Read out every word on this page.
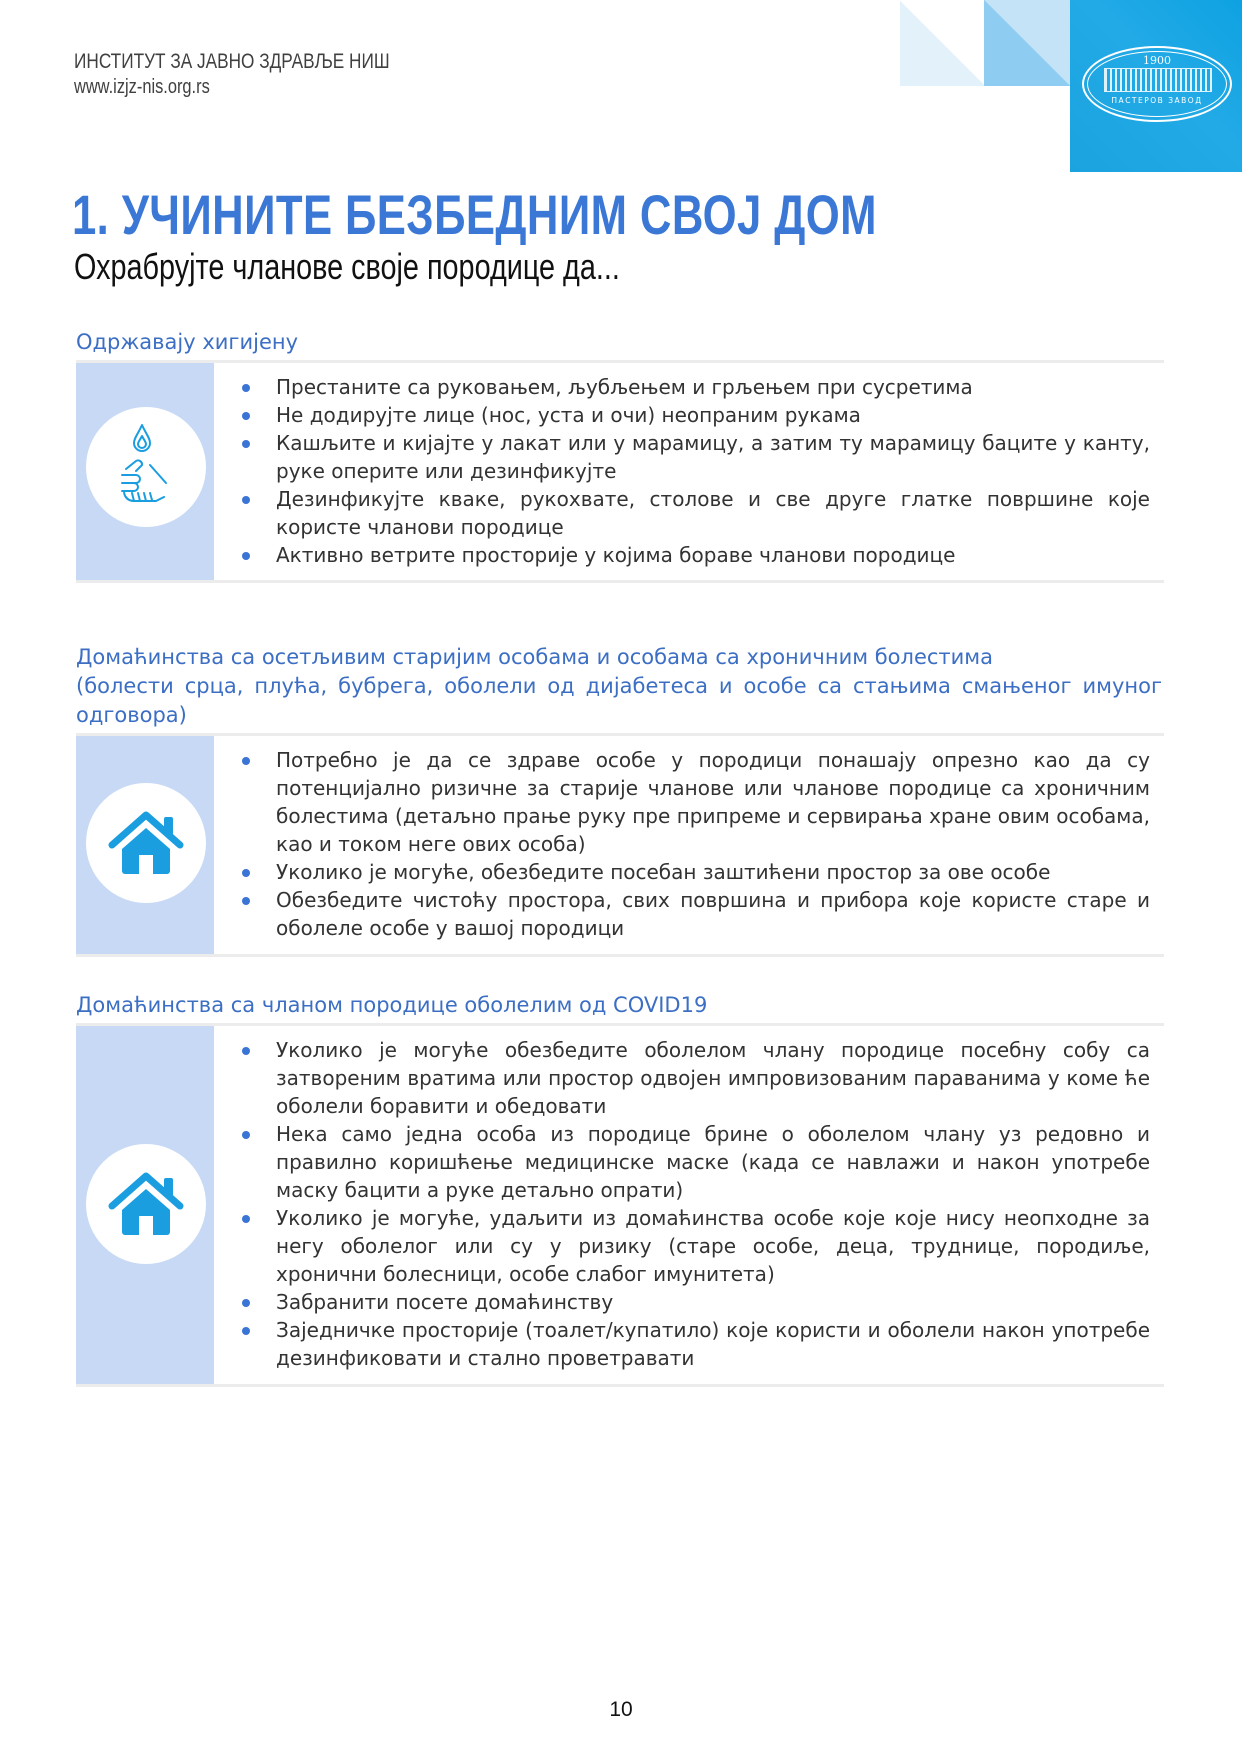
1900
ПАСТЕРОВ ЗАВОД
ИНСТИТУТ ЗА ЈАВНО ЗДРАВЉЕ НИШ
www.izjz-nis.org.rs
1. УЧИНИТЕ БЕЗБЕДНИМ СВОЈ ДОМ
Охрабрујте чланове своје породице да...
Одржавају хигијену
Престаните са руковањем, љубљењем и грљењем при сусретима
Не додирујте лице (нос, уста и очи) неопраним рукама
Кашљите и кијајте у лакат или у марамицу, а затим ту марамицу баците у канту, руке оперите или дезинфикујте
Дезинфикујте кваке, рукохвате, столове и све друге глатке површине које користе чланови породице
Активно ветрите просторије у којима бораве чланови породице
Домаћинства са осетљивим старијим особама и особама са хроничним болестима
(болести срца, плућа, бубрега, оболели од дијабетеса и особе са стањима смањеног имуног одговора)
Потребно је да се здраве особе у породици понашају опрезно као да су потенцијално ризичне за старије чланове или чланове породице са хроничним болестима (детаљно прање руку пре припреме и сервирања хране овим особама, као и током неге ових особа)
Уколико је могуће, обезбедите посебан заштићени простор за ове особе
Обезбедите чистоћу простора, свих површина и прибора које користе старе и оболеле особе у вашој породици
Домаћинства са чланом породице оболелим од COVID19
Уколико је могуће обезбедите оболелом члану породице посебну собу са затвореним вратима или простор одвојен импровизованим параванима у коме ће оболели боравити и обедовати
Нека само једна особа из породице брине о оболелом члану уз редовно и правилно коришћење медицинске маске (када се навлажи и након употребе маску бацити а руке детаљно опрати)
Уколико је могуће, удаљити из домаћинства особе које које нису неопходне за негу оболелог или су у ризику (старе особе, деца, труднице, породиље, хронични болесници, особе слабог имунитета)
Забранити посете домаћинству
Заједничке просторије (тоалет/купатило) које користи и оболели након употребе дезинфиковати и стално проветравати
10
